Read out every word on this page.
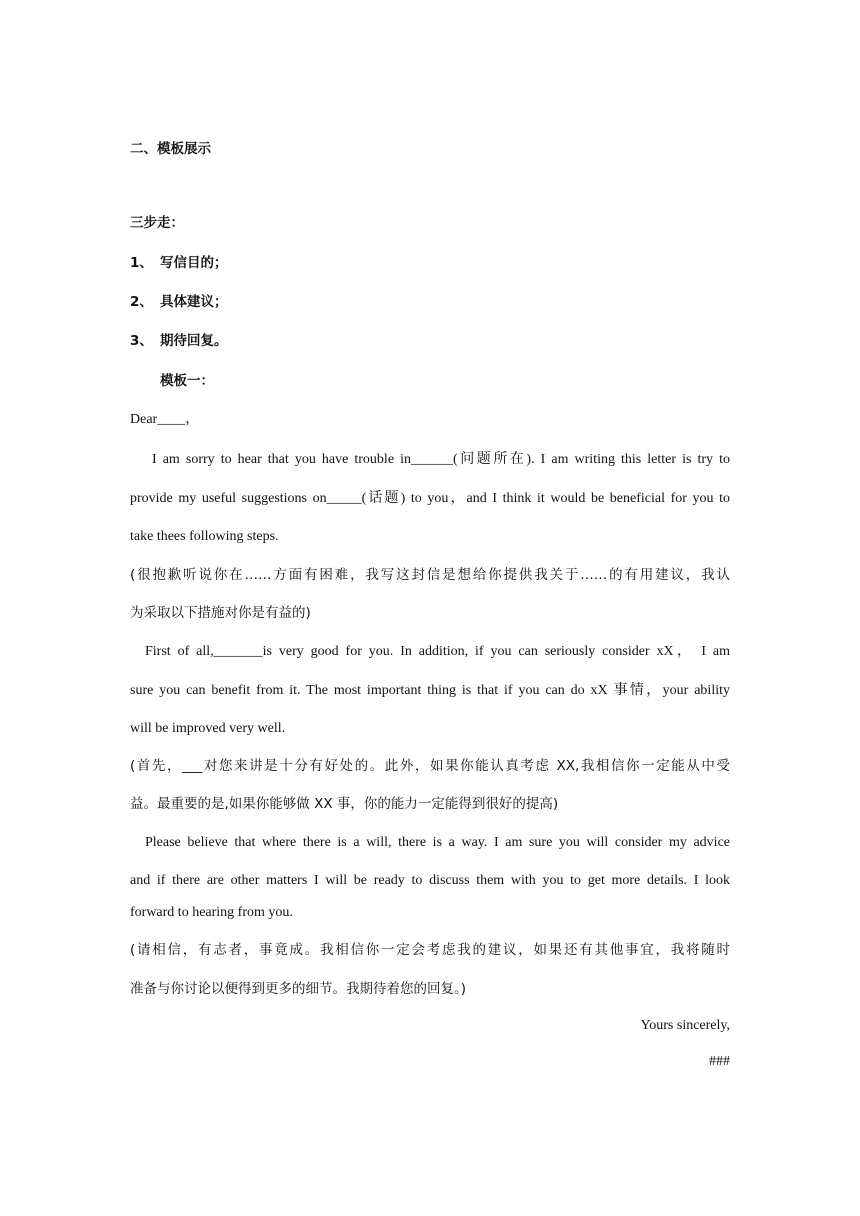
二、模板展示
三步走：
1、 写信目的；
2、 具体建议；
3、 期待回复。
模板一：
Dear____，
I am sorry to hear that you have trouble in______(问题所在). I am writing this letter is try to
provide my useful suggestions on_____(话题) to you，and I think it would be beneficial for you to
take thees following steps.
(很抱歉听说你在……方面有困难，我写这封信是想给你提供我关于……的有用建议，我认
为采取以下措施对你是有益的)
First of all,_______is very good for you. In addition, if you can seriously consider xX， I am
sure you can benefit from it. The most important thing is that if you can do xX 事情，your ability
will be improved very well.
(首先，___对您来讲是十分有好处的。此外，如果你能认真考虑 XX,我相信你一定能从中受
益。最重要的是,如果你能够做 XX 事，你的能力一定能得到很好的提高)
Please believe that where there is a will, there is a way. I am sure you will consider my advice
and if there are other matters I will be ready to discuss them with you to get more details. I look
forward to hearing from you.
(请相信，有志者，事竟成。我相信你一定会考虑我的建议，如果还有其他事宜，我将随时
准备与你讨论以便得到更多的细节。我期待着您的回复。)
Yours sincerely,
###
